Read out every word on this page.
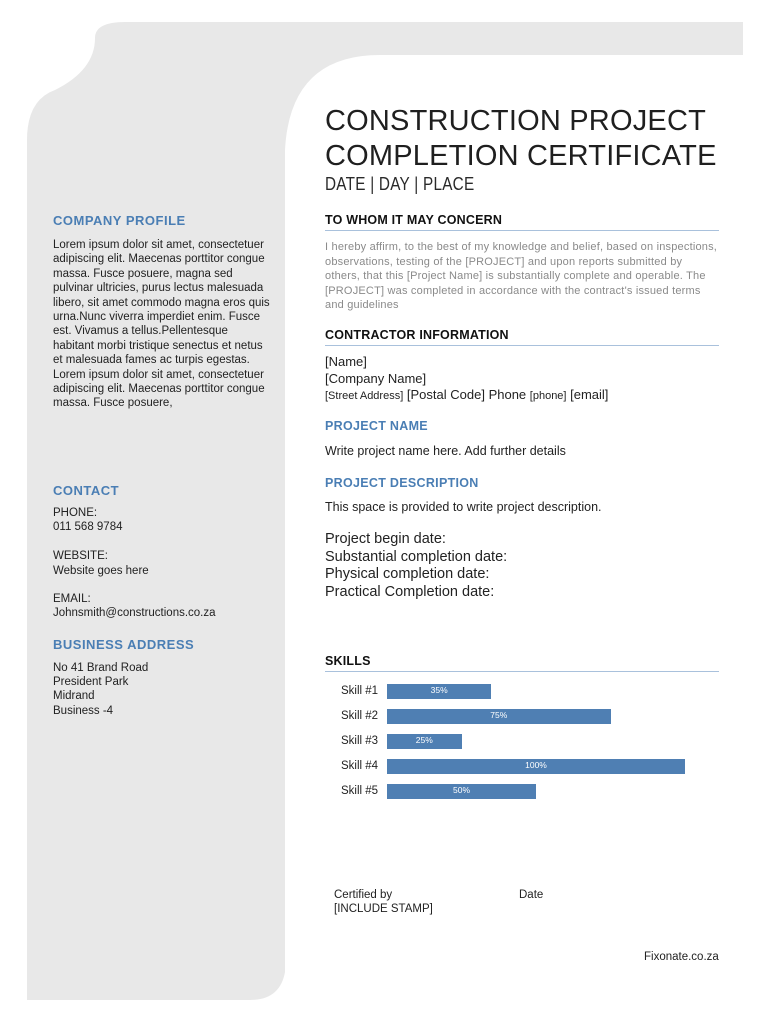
CONSTRUCTION PROJECT
COMPLETION CERTIFICATE
DATE | DAY | PLACE
COMPANY PROFILE
Lorem ipsum dolor sit amet, consectetuer adipiscing elit. Maecenas porttitor congue massa. Fusce posuere, magna sed pulvinar ultricies, purus lectus malesuada libero, sit amet commodo magna eros quis urna.Nunc viverra imperdiet enim. Fusce est. Vivamus a tellus.Pellentesque habitant morbi tristique senectus et netus et malesuada fames ac turpis egestas. Lorem ipsum dolor sit amet, consectetuer adipiscing elit. Maecenas porttitor congue massa. Fusce posuere,
CONTACT
PHONE:
011 568 9784
WEBSITE:
Website goes here
EMAIL:
Johnsmith@constructions.co.za
BUSINESS ADDRESS
No 41 Brand Road
President Park
Midrand
Business -4
TO WHOM IT MAY CONCERN
I hereby affirm, to the best of my knowledge and belief, based on inspections, observations, testing of the [PROJECT] and upon reports submitted by others, that this [Project Name] is substantially complete and operable. The [PROJECT] was completed in accordance with the contract's issued terms and guidelines
CONTRACTOR INFORMATION
[Name]
[Company Name]
[Street Address] [Postal Code] Phone [phone] [email]
PROJECT NAME
Write project name here. Add further details
PROJECT DESCRIPTION
This space is provided to write project description.
Project begin date:
Substantial completion date:
Physical completion date:
Practical Completion date:
SKILLS
Skill #1	35%
Skill #2	75%
Skill #3	25%
Skill #4	100%
Skill #5	50%
Certified by
[INCLUDE STAMP]
Date
Fixonate.co.za
